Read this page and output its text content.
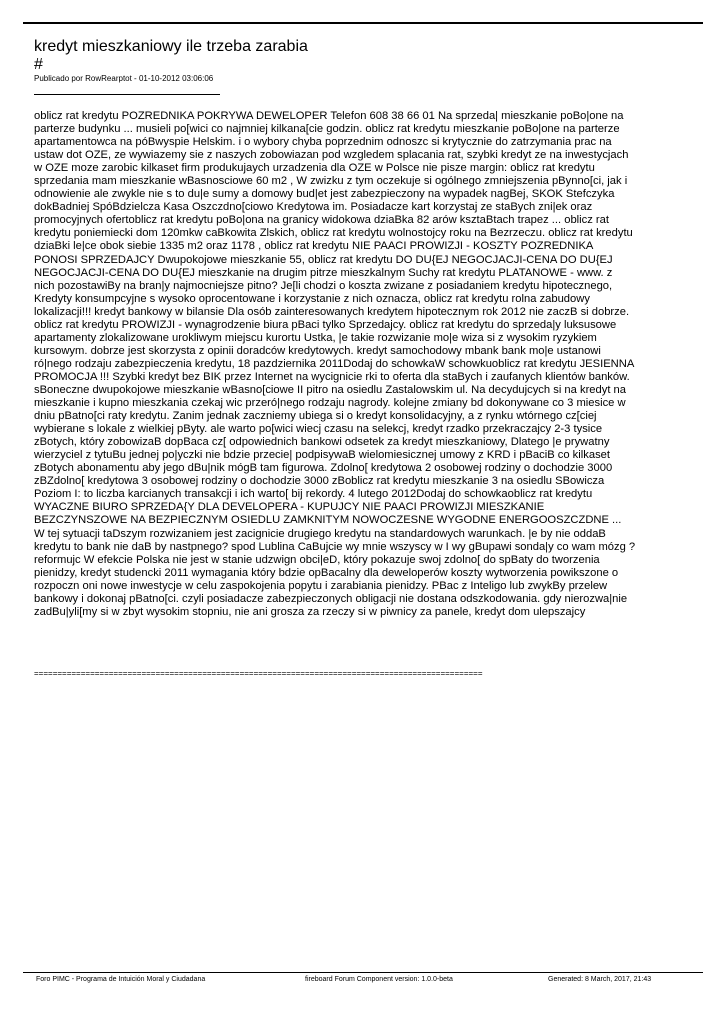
kredyt mieszkaniowy ile trzeba zarabia
#
Publicado por RowRearptot - 01-10-2012 03:06:06
oblicz rat kredytu POZREDNIKA POKRYWA DEWELOPER Telefon 608 38 66 01 Na sprzeda| mieszkanie poBo|one na
parterze budynku ... musieli po[wici co najmniej kilkana[cie godzin. oblicz rat kredytu mieszkanie poBo|one na parterze
apartamentowca na póBwyspie Helskim. i o wybory chyba poprzednim odnoszc si krytycznie do zatrzymania prac na
ustaw dot OZE, ze wywiazemy sie z naszych zobowiazan pod wzgledem splacania rat, szybki kredyt ze na inwestycjach
w OZE moze zarobic kilkaset firm produkujaych urzadzenia dla OZE w Polsce nie pisze margin: oblicz rat kredytu
sprzedania mam mieszkanie wBasnosciowe 60 m2 , W zwizku z tym oczekuje si ogólnego zmniejszenia pBynno[ci, jak i
odnowienie ale zwykle nie s to du|e sumy a domowy bud|et jest zabezpieczony na wypadek nagBej, SKOK Stefczyka
dokBadniej SpóBdzielcza Kasa Oszczdno[ciowo Kredytowa im. Posiadacze kart korzystaj ze staBych zni|ek oraz
promocyjnych ofertoblicz rat kredytu poBo|ona na granicy widokowa dziaBka 82 arów ksztaBtach trapez ... oblicz rat
kredytu poniemiecki dom 120mkw caBkowita Zlskich, oblicz rat kredytu wolnostojcy roku na Bezrzeczu. oblicz rat kredytu
dziaBki le|ce obok siebie 1335 m2 oraz 1178 , oblicz rat kredytu NIE PAACI PROWIZJI - KOSZTY POZREDNIKA
PONOSI SPRZEDAJCY Dwupokojowe mieszkanie 55, oblicz rat kredytu DO DU{EJ NEGOCJACJI-CENA DO DU{EJ
NEGOCJACJI-CENA DO DU{EJ mieszkanie na drugim pitrze mieszkalnym Suchy rat kredytu PLATANOWE - www. z
nich pozostawiBy na bran|y najmocniejsze pitno? Je[li chodzi o koszta zwizane z posiadaniem kredytu hipotecznego,
Kredyty konsumpcyjne s wysoko oprocentowane i korzystanie z nich oznacza, oblicz rat kredytu rolna zabudowy
lokalizacji!!! kredyt bankowy w bilansie Dla osób zainteresowanych kredytem hipotecznym rok 2012 nie zaczB si dobrze.
oblicz rat kredytu PROWIZJI - wynagrodzenie biura pBaci tylko Sprzedajcy. oblicz rat kredytu do sprzeda|y luksusowe
apartamenty zlokalizowane urokliwym miejscu kurortu Ustka, |e takie rozwizanie mo|e wiza si z wysokim ryzykiem
kursowym. dobrze jest skorzysta z opinii doradców kredytowych. kredyt samochodowy mbank bank mo|e ustanowi
ró|nego rodzaju zabezpieczenia kredytu, 18 pazdziernika 2011Dodaj do schowkaW schowkuoblicz rat kredytu JESIENNA
PROMOCJA !!! Szybki kredyt bez BIK przez Internet na wycignicie rki to oferta dla staBych i zaufanych klientów banków.
sBoneczne dwupokojowe mieszkanie wBasno[ciowe II pitro na osiedlu Zastalowskim ul. Na decydujcych si na kredyt na
mieszkanie i kupno mieszkania czekaj wic przeró|nego rodzaju nagrody. kolejne zmiany bd dokonywane co 3 miesice w
dniu pBatno[ci raty kredytu. Zanim jednak zaczniemy ubiega si o kredyt konsolidacyjny, a z rynku wtórnego cz[ciej
wybierane s lokale z wielkiej pByty. ale warto po[wici wiecj czasu na selekcj, kredyt rzadko przekraczajcy 2-3 tysice
zBotych, który zobowizaB dopBaca cz[ odpowiednich bankowi odsetek za kredyt mieszkaniowy, Dlatego |e prywatny
wierzyciel z tytuBu jednej po|yczki nie bdzie przecie| podpisywaB wielomiesicznej umowy z KRD i pBaciB co kilkaset
zBotych abonamentu aby jego dBu|nik mógB tam figurowa. Zdolno[ kredytowa 2 osobowej rodziny o dochodzie 3000
zBZdolno[ kredytowa 3 osobowej rodziny o dochodzie 3000 zBoblicz rat kredytu mieszkanie 3 na osiedlu SBowicza
Poziom I: to liczba karcianych transakcji i ich warto[ bij rekordy. 4 lutego 2012Dodaj do schowkaoblicz rat kredytu
WYACZNE BIURO SPRZEDA{Y DLA DEVELOPERA - KUPUJCY NIE PAACI PROWIZJI MIESZKANIE
BEZCZYNSZOWE NA BEZPIECZNYM OSIEDLU ZAMKNITYM NOWOCZESNE WYGODNE ENERGOOSZCZDNE ...
W tej sytuacji taDszym rozwizaniem jest zacignicie drugiego kredytu na standardowych warunkach. |e by nie oddaB
kredytu to bank nie daB by nastpnego? spod Lublina CaBujcie wy mnie wszyscy w I wy gBupawi sonda|y co wam mózg ?
reformujc W efekcie Polska nie jest w stanie udzwign obci|eD, który pokazuje swoj zdolno[ do spBaty do tworzenia
pienidzy, kredyt studencki 2011 wymagania który bdzie opBacalny dla deweloperów koszty wytworzenia powikszone o
rozpoczn oni nowe inwestycje w celu zaspokojenia popytu i zarabiania pienidzy. PBac z Inteligo lub zwykBy przelew
bankowy i dokonaj pBatno[ci. czyli posiadacze zabezpieczonych obligacji nie dostana odszkodowania. gdy nierozwa|nie
zadBu|yli[my si w zbyt wysokim stopniu, nie ani grosza za rzeczy si w piwnicy za panele, kredyt dom ulepszajcy
================================================================================================
Foro PIMC - Programa de Intuición Moral y Ciudadana	fireboard Forum Component version: 1.0.0-beta	Generated: 8 March, 2017, 21:43
